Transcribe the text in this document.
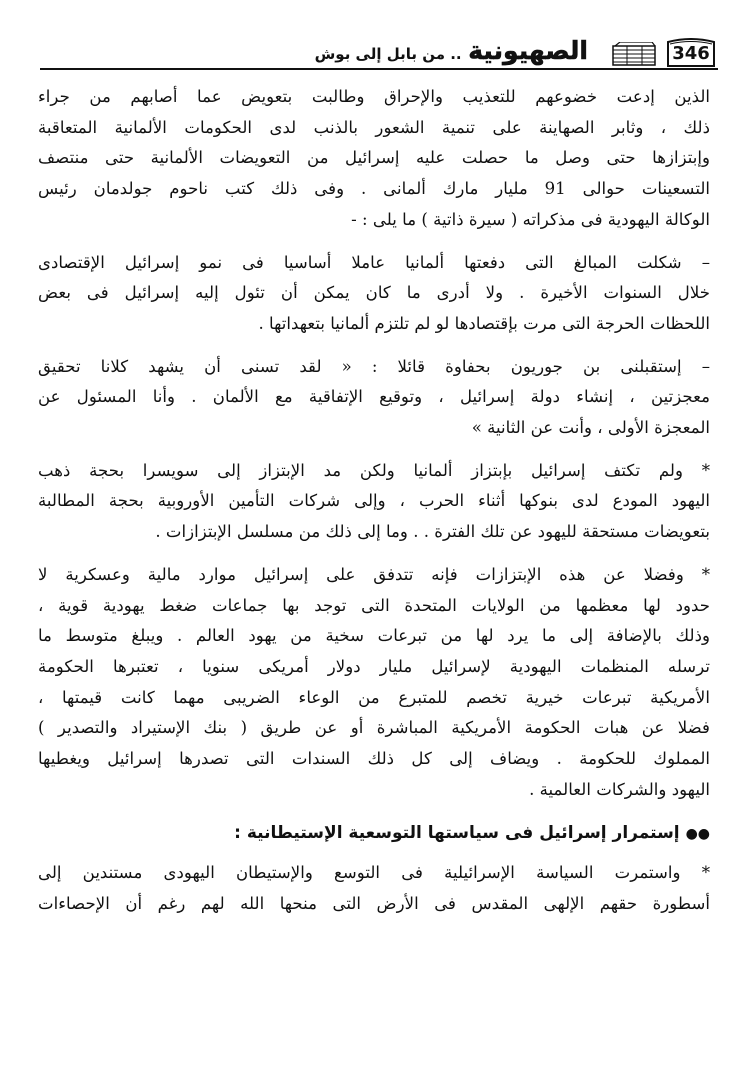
346
الصهيونية .. من بابل إلى بوش

الذين إدعت خضوعهم للتعذيب والإحراق وطالبت بتعويض عما أصابهم من جراء
ذلك ، وثابر الصهاينة على تنمية الشعور بالذنب لدى الحكومات الألمانية المتعاقبة
وإبتزازها حتى وصل ما حصلت عليه إسرائيل من التعويضات الألمانية حتى منتصف
التسعينات حوالى 91 مليار مارك ألمانى . وفى ذلك كتب ناحوم جولدمان رئيس
الوكالة اليهودية فى مذكراته ( سيرة ذاتية ) ما يلى : -

– شكلت المبالغ التى دفعتها ألمانيا عاملا أساسيا فى نمو إسرائيل الإقتصادى
خلال السنوات الأخيرة . ولا أدرى ما كان يمكن أن تئول إليه إسرائيل فى بعض
اللحظات الحرجة التى مرت بإقتصادها لو لم تلتزم ألمانيا بتعهداتها .

– إستقبلنى بن جوريون بحفاوة قائلا : « لقد تسنى أن يشهد كلانا تحقيق
معجزتين ، إنشاء دولة إسرائيل ، وتوقيع الإتفاقية مع الألمان . وأنا المسئول عن
المعجزة الأولى ، وأنت عن الثانية »

* ولم تكتف إسرائيل بإبتزاز ألمانيا ولكن مد الإبتزاز إلى سويسرا بحجة ذهب
اليهود المودع لدى بنوكها أثناء الحرب ، وإلى شركات التأمين الأوروبية بحجة المطالبة
بتعويضات مستحقة لليهود عن تلك الفترة . . وما إلى ذلك من مسلسل الإبتزازات .

* وفضلا عن هذه الإبتزازات فإنه تتدفق على إسرائيل موارد مالية وعسكرية لا
حدود لها معظمها من الولايات المتحدة التى توجد بها جماعات ضغط يهودية قوية ،
وذلك بالإضافة إلى ما يرد لها من تبرعات سخية من يهود العالم . ويبلغ متوسط ما
ترسله المنظمات اليهودية لإسرائيل مليار دولار أمريكى سنويا ، تعتبرها الحكومة
الأمريكية تبرعات خيرية تخصم للمتبرع من الوعاء الضريبى مهما كانت قيمتها ،
فضلا عن هبات الحكومة الأمريكية المباشرة أو عن طريق ( بنك الإستيراد والتصدير )
المملوك للحكومة . ويضاف إلى كل ذلك السندات التى تصدرها إسرائيل ويغطيها
اليهود والشركات العالمية .

●● إستمرار إسرائيل فى سياستها التوسعية الإستيطانية :

* واستمرت السياسة الإسرائيلية فى التوسع والإستيطان اليهودى مستندين إلى
أسطورة حقهم الإلهى المقدس فى الأرض التى منحها الله لهم رغم أن الإحصاءات
